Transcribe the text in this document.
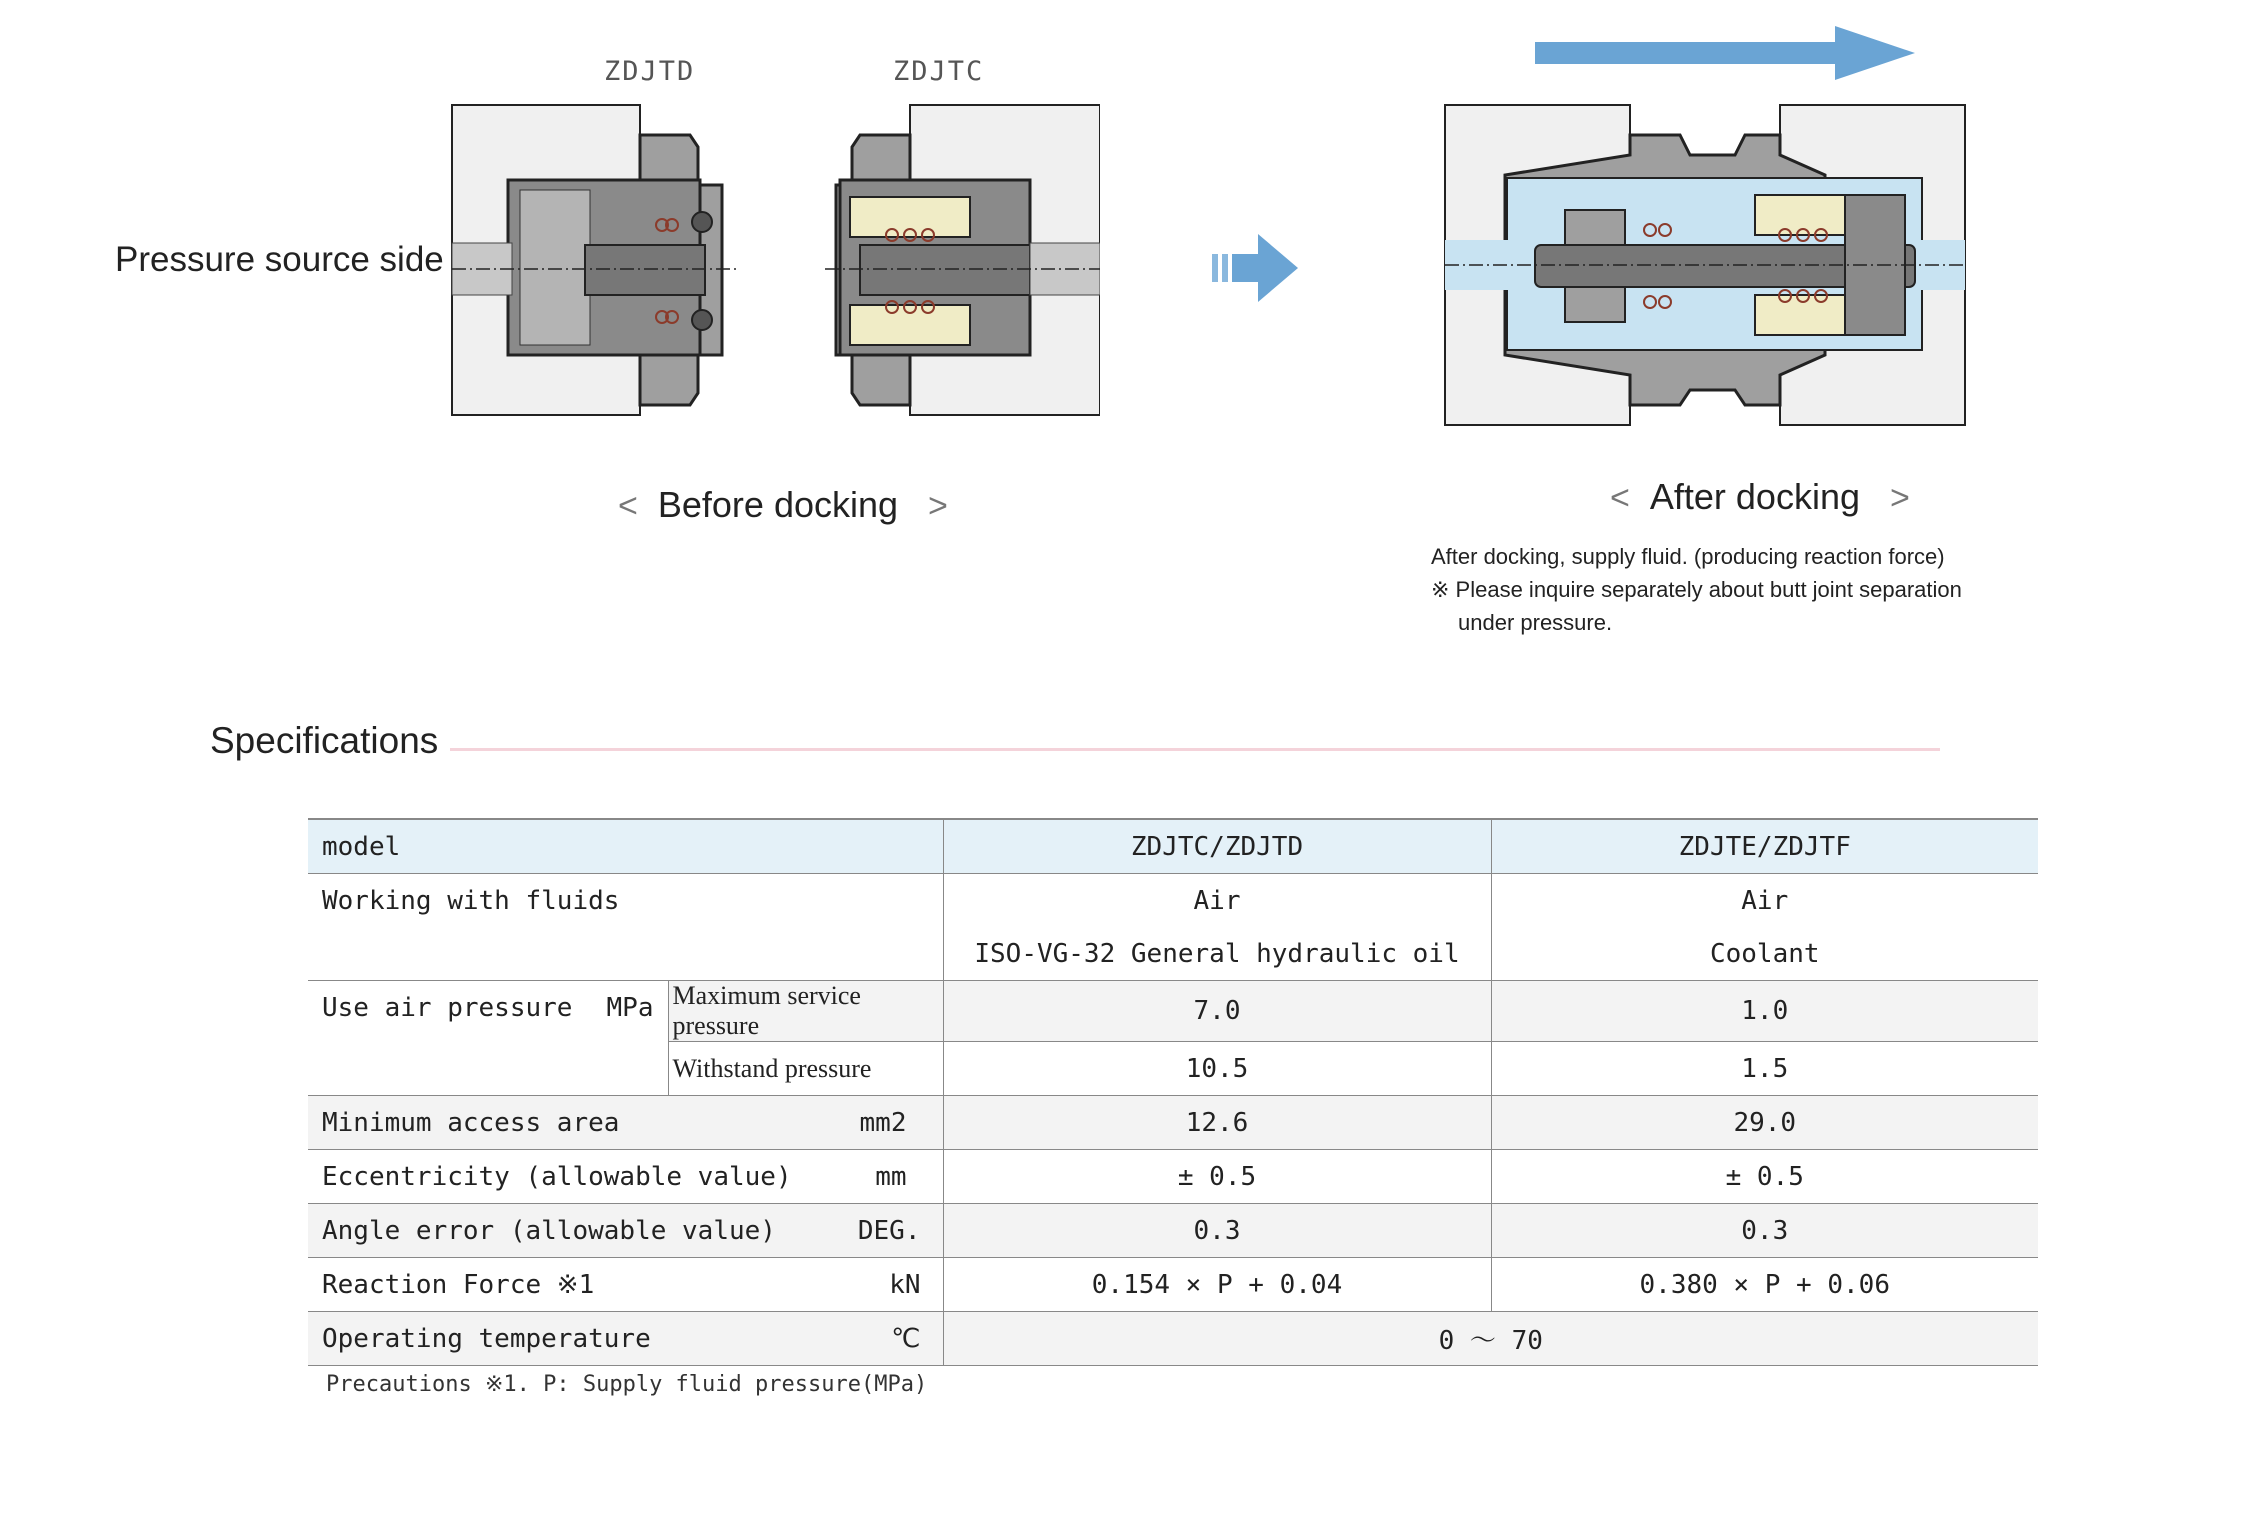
Pressure source side
ZDJTD	ZDJTC
< Before docking >	< After docking >
After docking, supply fluid. (producing reaction force)
※ Please inquire separately about butt joint separation
under pressure.
Specifications
model		ZDJTC/ZDJTD	ZDJTE/ZDJTF
Working with fluids		Air	Air
		ISO-VG-32 General hydraulic oil	Coolant
Use air pressure MPa	Maximum service pressure	7.0	1.0
	Withstand pressure	10.5	1.5
Minimum access area mm2		12.6	29.0
Eccentricity (allowable value) mm		± 0.5	± 0.5
Angle error (allowable value) DEG.		0.3	0.3
Reaction Force ※1 kN		0.154 × P + 0.04	0.380 × P + 0.06
Operating temperature ℃		0 ～ 70	
Precautions ※1. P: Supply fluid pressure(MPa)
